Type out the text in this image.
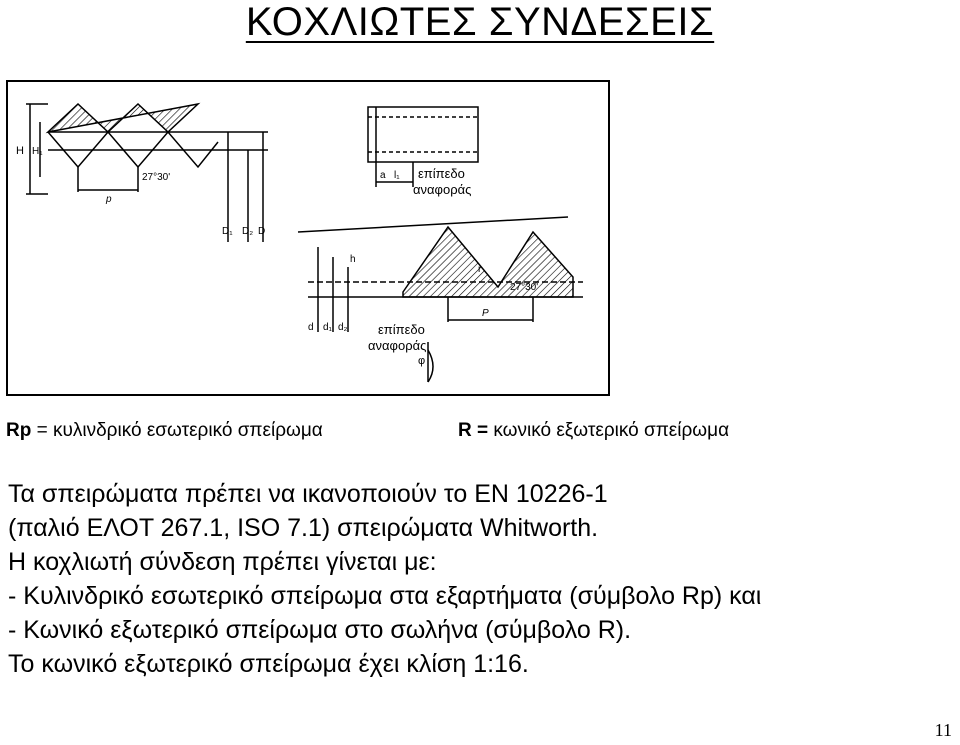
ΚΟΧΛΙΩΤΕΣ ΣΥΝΔΕΣΕΙΣ
H H₁
27°30'
p
D₁ D₂ D
a l₁ επίπεδο
αναφοράς
h
27°30'
P
d d₁ d₂
r
επίπεδο
αναφοράς
φ
Rp = κυλινδρικό εσωτερικό σπείρωμα	R = κωνικό εξωτερικό σπείρωμα
Τα σπειρώματα πρέπει να ικανοποιούν το ΕΝ 10226-1
(παλιό ΕΛΟΤ 267.1, ISO 7.1) σπειρώματα Whitworth.
Η κοχλιωτή σύνδεση πρέπει γίνεται με:
- Κυλινδρικό εσωτερικό σπείρωμα στα εξαρτήματα (σύμβολο Rp) και
- Κωνικό εξωτερικό σπείρωμα στο σωλήνα (σύμβολο R).
Το κωνικό εξωτερικό σπείρωμα έχει κλίση 1:16.
11
